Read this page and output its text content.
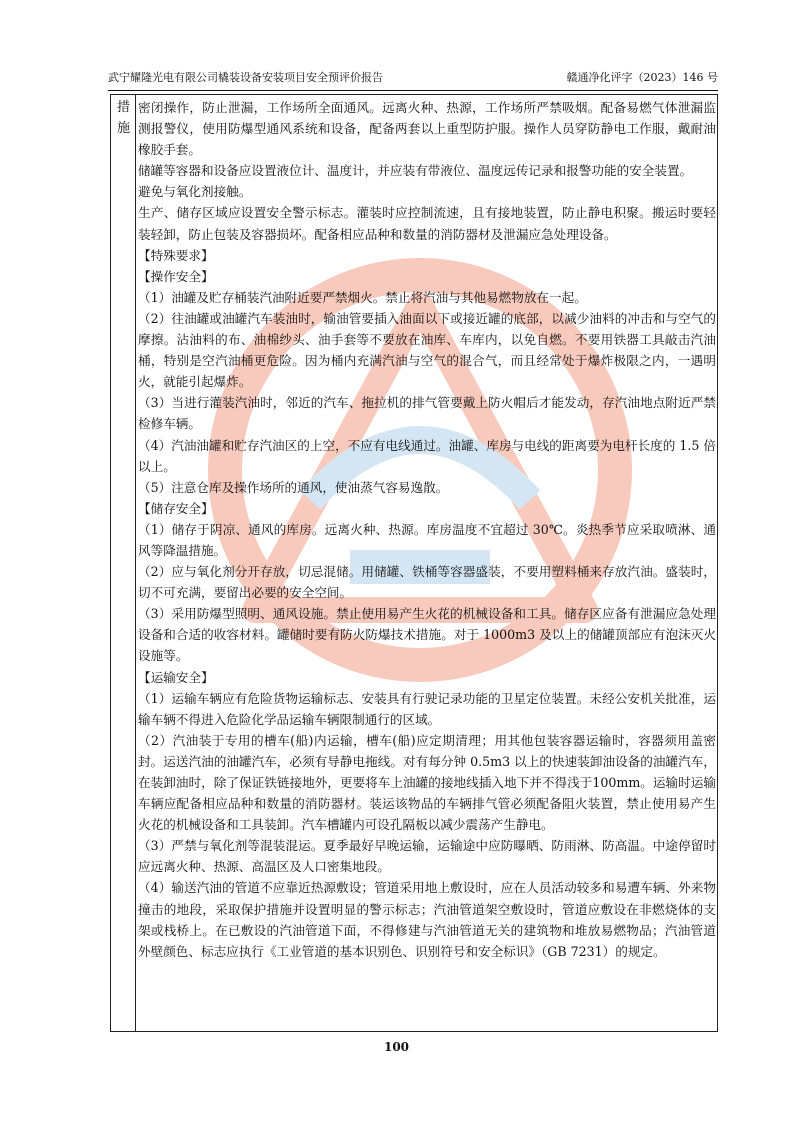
武宁耀隆光电有限公司橇装设备安装项目安全预评价报告	赣通净化评字（2023）146 号
措
施

密闭操作，防止泄漏，工作场所全面通风。远离火种、热源，工作场所严禁吸烟。配备易燃气体泄漏监测报警仪，使用防爆型通风系统和设备，配备两套以上重型防护服。操作人员穿防静电工作服，戴耐油橡胶手套。

储罐等容器和设备应设置液位计、温度计，并应装有带液位、温度远传记录和报警功能的安全装置。

避免与氧化剂接触。

生产、储存区域应设置安全警示标志。灌装时应控制流速，且有接地装置，防止静电积聚。搬运时要轻装轻卸，防止包装及容器损坏。配备相应品种和数量的消防器材及泄漏应急处理设备。

【特殊要求】

【操作安全】

（1）油罐及贮存桶装汽油附近要严禁烟火。禁止将汽油与其他易燃物放在一起。

（2）往油罐或油罐汽车装油时，输油管要插入油面以下或接近罐的底部，以减少油料的冲击和与空气的摩擦。沾油料的布、油棉纱头、油手套等不要放在油库、车库内，以免自燃。不要用铁器工具敲击汽油桶，特别是空汽油桶更危险。因为桶内充满汽油与空气的混合气，而且经常处于爆炸极限之内，一遇明火，就能引起爆炸。

（3）当进行灌装汽油时，邻近的汽车、拖拉机的排气管要戴上防火帽后才能发动，存汽油地点附近严禁检修车辆。

（4）汽油油罐和贮存汽油区的上空，不应有电线通过。油罐、库房与电线的距离要为电杆长度的 1.5 倍以上。

（5）注意仓库及操作场所的通风，使油蒸气容易逸散。

【储存安全】

（1）储存于阴凉、通风的库房。远离火种、热源。库房温度不宜超过 30℃。炎热季节应采取喷淋、通风等降温措施。

（2）应与氧化剂分开存放，切忌混储。用储罐、铁桶等容器盛装，不要用塑料桶来存放汽油。盛装时，切不可充满，要留出必要的安全空间。

（3）采用防爆型照明、通风设施。禁止使用易产生火花的机械设备和工具。储存区应备有泄漏应急处理设备和合适的收容材料。罐储时要有防火防爆技术措施。对于 1000m3 及以上的储罐顶部应有泡沫灭火设施等。

【运输安全】

（1）运输车辆应有危险货物运输标志、安装具有行驶记录功能的卫星定位装置。未经公安机关批准，运输车辆不得进入危险化学品运输车辆限制通行的区域。

（2）汽油装于专用的槽车(船)内运输，槽车(船)应定期清理；用其他包装容器运输时，容器须用盖密封。运送汽油的油罐汽车，必须有导静电拖线。对有每分钟 0.5m3 以上的快速装卸油设备的油罐汽车，在装卸油时，除了保证铁链接地外，更要将车上油罐的接地线插入地下并不得浅于100mm。运输时运输车辆应配备相应品种和数量的消防器材。装运该物品的车辆排气管必须配备阻火装置，禁止使用易产生火花的机械设备和工具装卸。汽车槽罐内可设孔隔板以减少震荡产生静电。

（3）严禁与氧化剂等混装混运。夏季最好早晚运输，运输途中应防曝晒、防雨淋、防高温。中途停留时应远离火种、热源、高温区及人口密集地段。

（4）输送汽油的管道不应靠近热源敷设；管道采用地上敷设时，应在人员活动较多和易遭车辆、外来物撞击的地段，采取保护措施并设置明显的警示标志；汽油管道架空敷设时，管道应敷设在非燃烧体的支架或栈桥上。在已敷设的汽油管道下面，不得修建与汽油管道无关的建筑物和堆放易燃物品；汽油管道外壁颜色、标志应执行《工业管道的基本识别色、识别符号和安全标识》（GB 7231）的规定。

100
